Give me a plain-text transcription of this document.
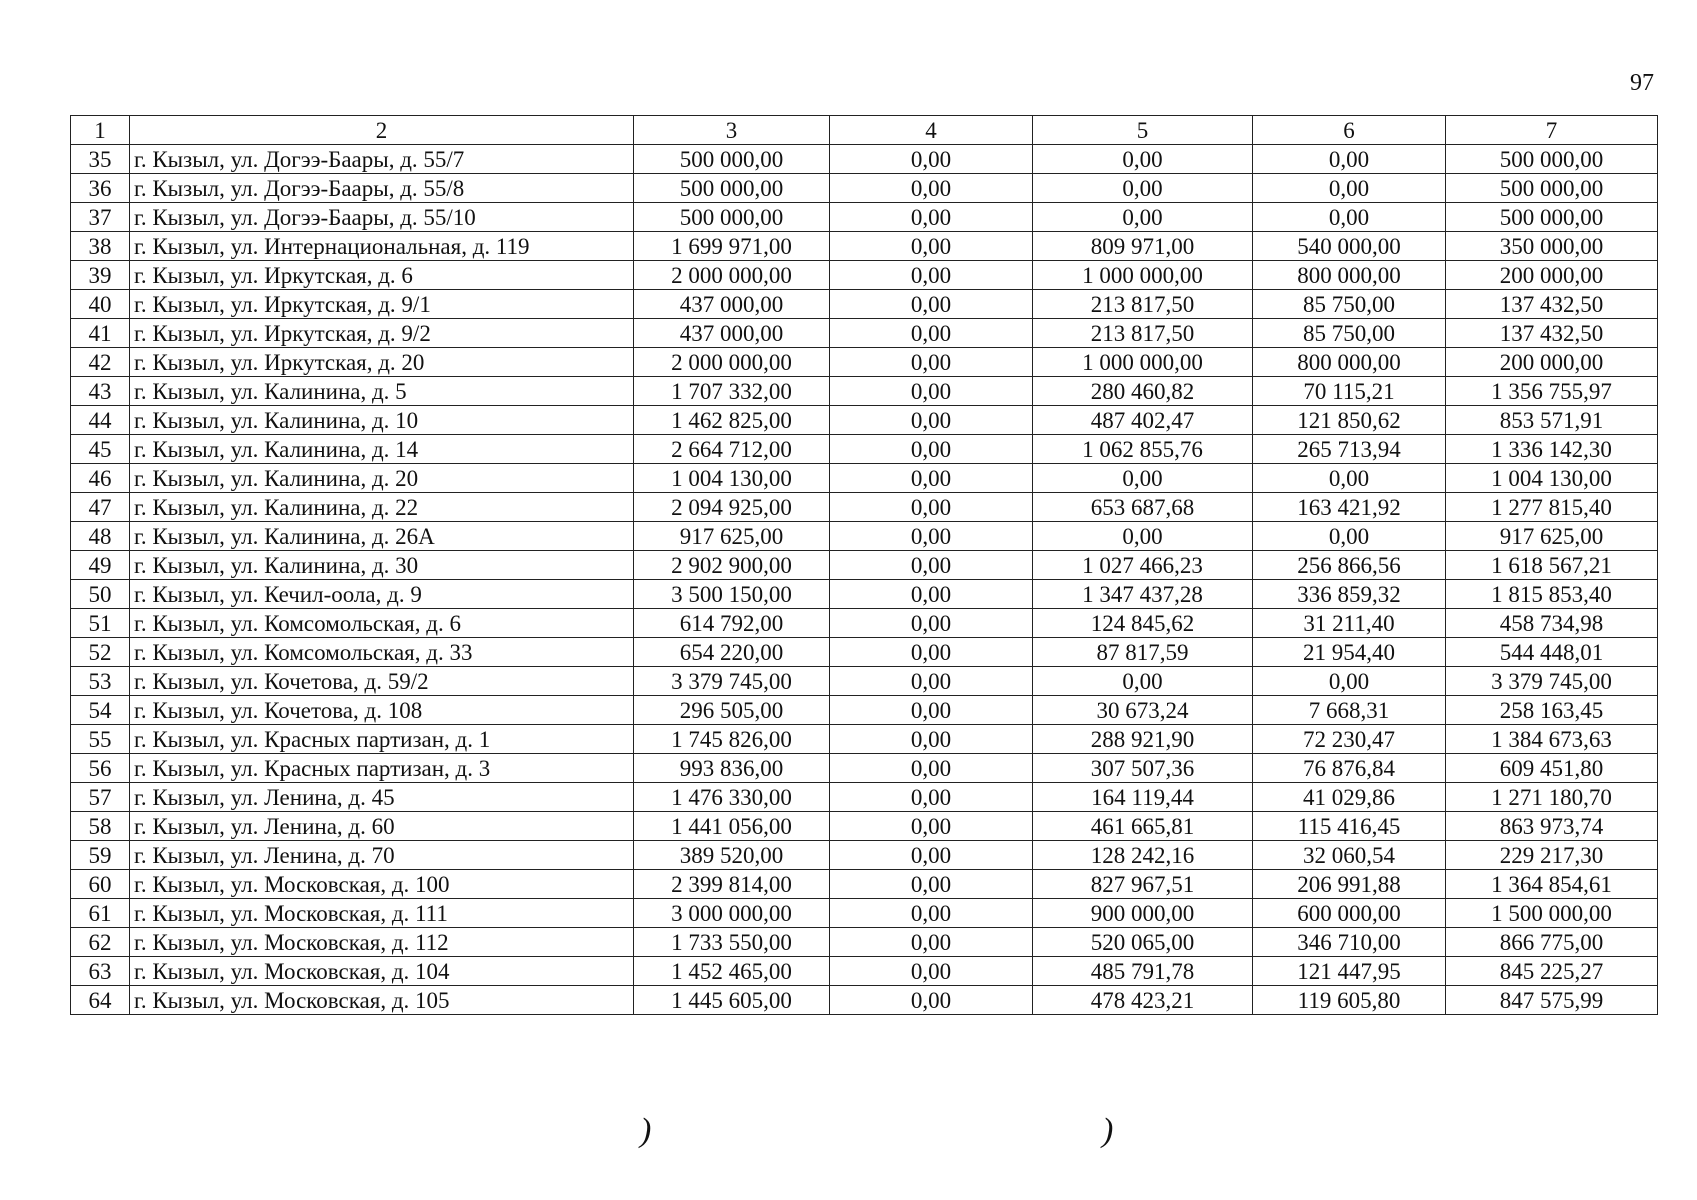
97
1	2	3	4	5	6	7
35	г. Кызыл, ул. Догээ-Баары, д. 55/7	500 000,00	0,00	0,00	0,00	500 000,00
36	г. Кызыл, ул. Догээ-Баары, д. 55/8	500 000,00	0,00	0,00	0,00	500 000,00
37	г. Кызыл, ул. Догээ-Баары, д. 55/10	500 000,00	0,00	0,00	0,00	500 000,00
38	г. Кызыл, ул. Интернациональная, д. 119	1 699 971,00	0,00	809 971,00	540 000,00	350 000,00
39	г. Кызыл, ул. Иркутская, д. 6	2 000 000,00	0,00	1 000 000,00	800 000,00	200 000,00
40	г. Кызыл, ул. Иркутская, д. 9/1	437 000,00	0,00	213 817,50	85 750,00	137 432,50
41	г. Кызыл, ул. Иркутская, д. 9/2	437 000,00	0,00	213 817,50	85 750,00	137 432,50
42	г. Кызыл, ул. Иркутская, д. 20	2 000 000,00	0,00	1 000 000,00	800 000,00	200 000,00
43	г. Кызыл, ул. Калинина, д. 5	1 707 332,00	0,00	280 460,82	70 115,21	1 356 755,97
44	г. Кызыл, ул. Калинина, д. 10	1 462 825,00	0,00	487 402,47	121 850,62	853 571,91
45	г. Кызыл, ул. Калинина, д. 14	2 664 712,00	0,00	1 062 855,76	265 713,94	1 336 142,30
46	г. Кызыл, ул. Калинина, д. 20	1 004 130,00	0,00	0,00	0,00	1 004 130,00
47	г. Кызыл, ул. Калинина, д. 22	2 094 925,00	0,00	653 687,68	163 421,92	1 277 815,40
48	г. Кызыл, ул. Калинина, д. 26А	917 625,00	0,00	0,00	0,00	917 625,00
49	г. Кызыл, ул. Калинина, д. 30	2 902 900,00	0,00	1 027 466,23	256 866,56	1 618 567,21
50	г. Кызыл, ул. Кечил-оола, д. 9	3 500 150,00	0,00	1 347 437,28	336 859,32	1 815 853,40
51	г. Кызыл, ул. Комсомольская, д. 6	614 792,00	0,00	124 845,62	31 211,40	458 734,98
52	г. Кызыл, ул. Комсомольская, д. 33	654 220,00	0,00	87 817,59	21 954,40	544 448,01
53	г. Кызыл, ул. Кочетова, д. 59/2	3 379 745,00	0,00	0,00	0,00	3 379 745,00
54	г. Кызыл, ул. Кочетова, д. 108	296 505,00	0,00	30 673,24	7 668,31	258 163,45
55	г. Кызыл, ул. Красных партизан, д. 1	1 745 826,00	0,00	288 921,90	72 230,47	1 384 673,63
56	г. Кызыл, ул. Красных партизан, д. 3	993 836,00	0,00	307 507,36	76 876,84	609 451,80
57	г. Кызыл, ул. Ленина, д. 45	1 476 330,00	0,00	164 119,44	41 029,86	1 271 180,70
58	г. Кызыл, ул. Ленина, д. 60	1 441 056,00	0,00	461 665,81	115 416,45	863 973,74
59	г. Кызыл, ул. Ленина, д. 70	389 520,00	0,00	128 242,16	32 060,54	229 217,30
60	г. Кызыл, ул. Московская, д. 100	2 399 814,00	0,00	827 967,51	206 991,88	1 364 854,61
61	г. Кызыл, ул. Московская, д. 111	3 000 000,00	0,00	900 000,00	600 000,00	1 500 000,00
62	г. Кызыл, ул. Московская, д. 112	1 733 550,00	0,00	520 065,00	346 710,00	866 775,00
63	г. Кызыл, ул. Московская, д. 104	1 452 465,00	0,00	485 791,78	121 447,95	845 225,27
64	г. Кызыл, ул. Московская, д. 105	1 445 605,00	0,00	478 423,21	119 605,80	847 575,99
)	)
